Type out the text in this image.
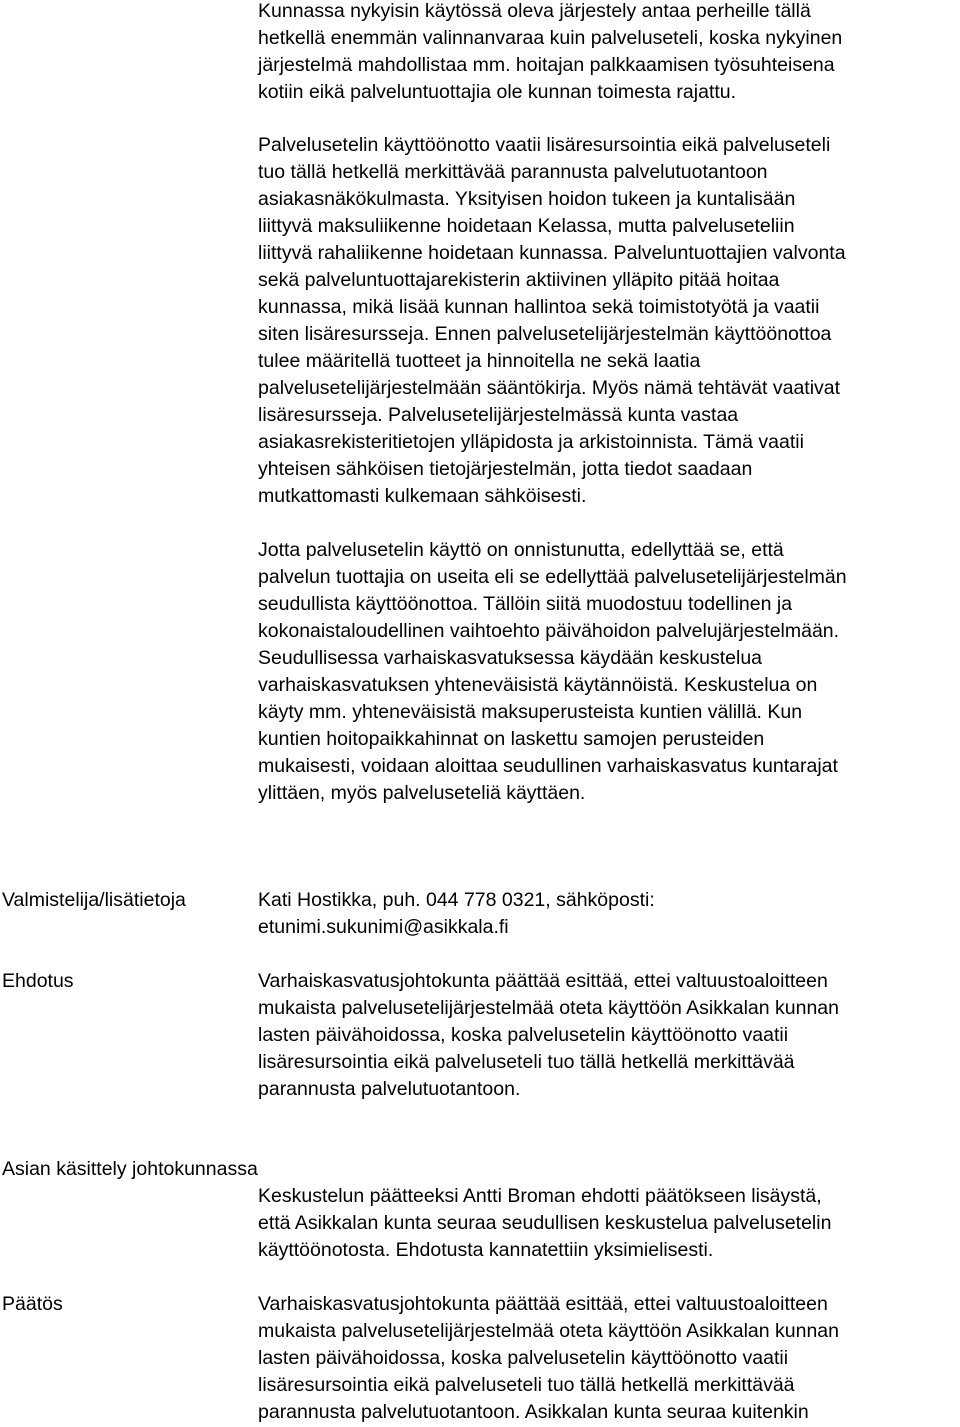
Kunnassa nykyisin käytössä oleva järjestely antaa perheille tällä
hetkellä enemmän valinnanvaraa kuin palveluseteli, koska nykyinen
järjestelmä mahdollistaa mm. hoitajan palkkaamisen työsuhteisena
kotiin eikä palveluntuottajia ole kunnan toimesta rajattu.

Palvelusetelin käyttöönotto vaatii lisäresursointia eikä palveluseteli
tuo tällä hetkellä merkittävää parannusta palvelutuotantoon
asiakasnäkökulmasta. Yksityisen hoidon tukeen ja kuntalisään
liittyvä maksuliikenne hoidetaan Kelassa, mutta palveluseteliin
liittyvä rahaliikenne hoidetaan kunnassa. Palveluntuottajien valvonta
sekä palveluntuottajarekisterin aktiivinen ylläpito pitää hoitaa
kunnassa, mikä lisää kunnan hallintoa sekä toimistotyötä ja vaatii
siten lisäresursseja. Ennen palvelusetelijärjestelmän käyttöönottoa
tulee määritellä tuotteet ja hinnoitella ne sekä laatia
palvelusetelijärjestelmään sääntökirja. Myös nämä tehtävät vaativat
lisäresursseja. Palvelusetelijärjestelmässä kunta vastaa
asiakasrekisteritietojen ylläpidosta ja arkistoinnista. Tämä vaatii
yhteisen sähköisen tietojärjestelmän, jotta tiedot saadaan
mutkattomasti kulkemaan sähköisesti.

Jotta palvelusetelin käyttö on onnistunutta, edellyttää se, että
palvelun tuottajia on useita eli se edellyttää palvelusetelijärjestelmän
seudullista käyttöönottoa. Tällöin siitä muodostuu todellinen ja
kokonaistaloudellinen vaihtoehto päivähoidon palvelujärjestelmään.
Seudullisessa varhaiskasvatuksessa käydään keskustelua
varhaiskasvatuksen yhteneväisistä käytännöistä. Keskustelua on
käyty mm. yhteneväisistä maksuperusteista kuntien välillä. Kun
kuntien hoitopaikkahinnat on laskettu samojen perusteiden
mukaisesti, voidaan aloittaa seudullinen varhaiskasvatus kuntarajat
ylittäen, myös palveluseteliä käyttäen.

Valmistelija/lisätietoja	Kati Hostikka, puh. 044 778 0321, sähköposti:
etunimi.sukunimi@asikkala.fi

Ehdotus	Varhaiskasvatusjohtokunta päättää esittää, ettei valtuustoaloitteen
mukaista palvelusetelijärjestelmää oteta käyttöön Asikkalan kunnan
lasten päivähoidossa, koska palvelusetelin käyttöönotto vaatii
lisäresursointia eikä palveluseteli tuo tällä hetkellä merkittävää
parannusta palvelutuotantoon.

Asian käsittely johtokunnassa

Keskustelun päätteeksi Antti Broman ehdotti päätökseen lisäystä,
että Asikkalan kunta seuraa seudullisen keskustelua palvelusetelin
käyttöönotosta. Ehdotusta kannatettiin yksimielisesti.

Päätös	Varhaiskasvatusjohtokunta päättää esittää, ettei valtuustoaloitteen
mukaista palvelusetelijärjestelmää oteta käyttöön Asikkalan kunnan
lasten päivähoidossa, koska palvelusetelin käyttöönotto vaatii
lisäresursointia eikä palveluseteli tuo tällä hetkellä merkittävää
parannusta palvelutuotantoon. Asikkalan kunta seuraa kuitenkin
